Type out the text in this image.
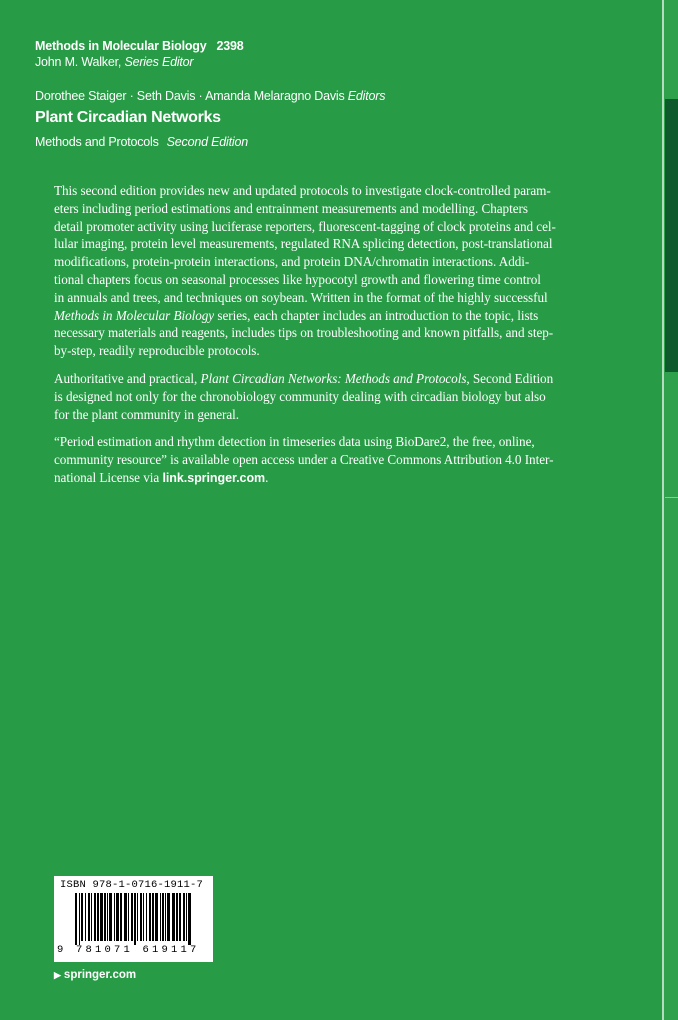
Methods in Molecular Biology 2398
John M. Walker, Series Editor
Dorothee Staiger · Seth Davis · Amanda Melaragno Davis Editors
Plant Circadian Networks
Methods and Protocols Second Edition

This second edition provides new and updated protocols to investigate clock-controlled param-
eters including period estimations and entrainment measurements and modelling. Chapters
detail promoter activity using luciferase reporters, fluorescent-tagging of clock proteins and cel-
lular imaging, protein level measurements, regulated RNA splicing detection, post-translational
modifications, protein-protein interactions, and protein DNA/chromatin interactions. Addi-
tional chapters focus on seasonal processes like hypocotyl growth and flowering time control
in annuals and trees, and techniques on soybean. Written in the format of the highly successful
Methods in Molecular Biology series, each chapter includes an introduction to the topic, lists
necessary materials and reagents, includes tips on troubleshooting and known pitfalls, and step-
by-step, readily reproducible protocols.

Authoritative and practical, Plant Circadian Networks: Methods and Protocols, Second Edition
is designed not only for the chronobiology community dealing with circadian biology but also
for the plant community in general.

“Period estimation and rhythm detection in timeseries data using BioDare2, the free, online,
community resource” is available open access under a Creative Commons Attribution 4.0 Inter-
national License via link.springer.com.

ISBN 978-1-0716-1911-7
9 781071 619117
▶ springer.com
